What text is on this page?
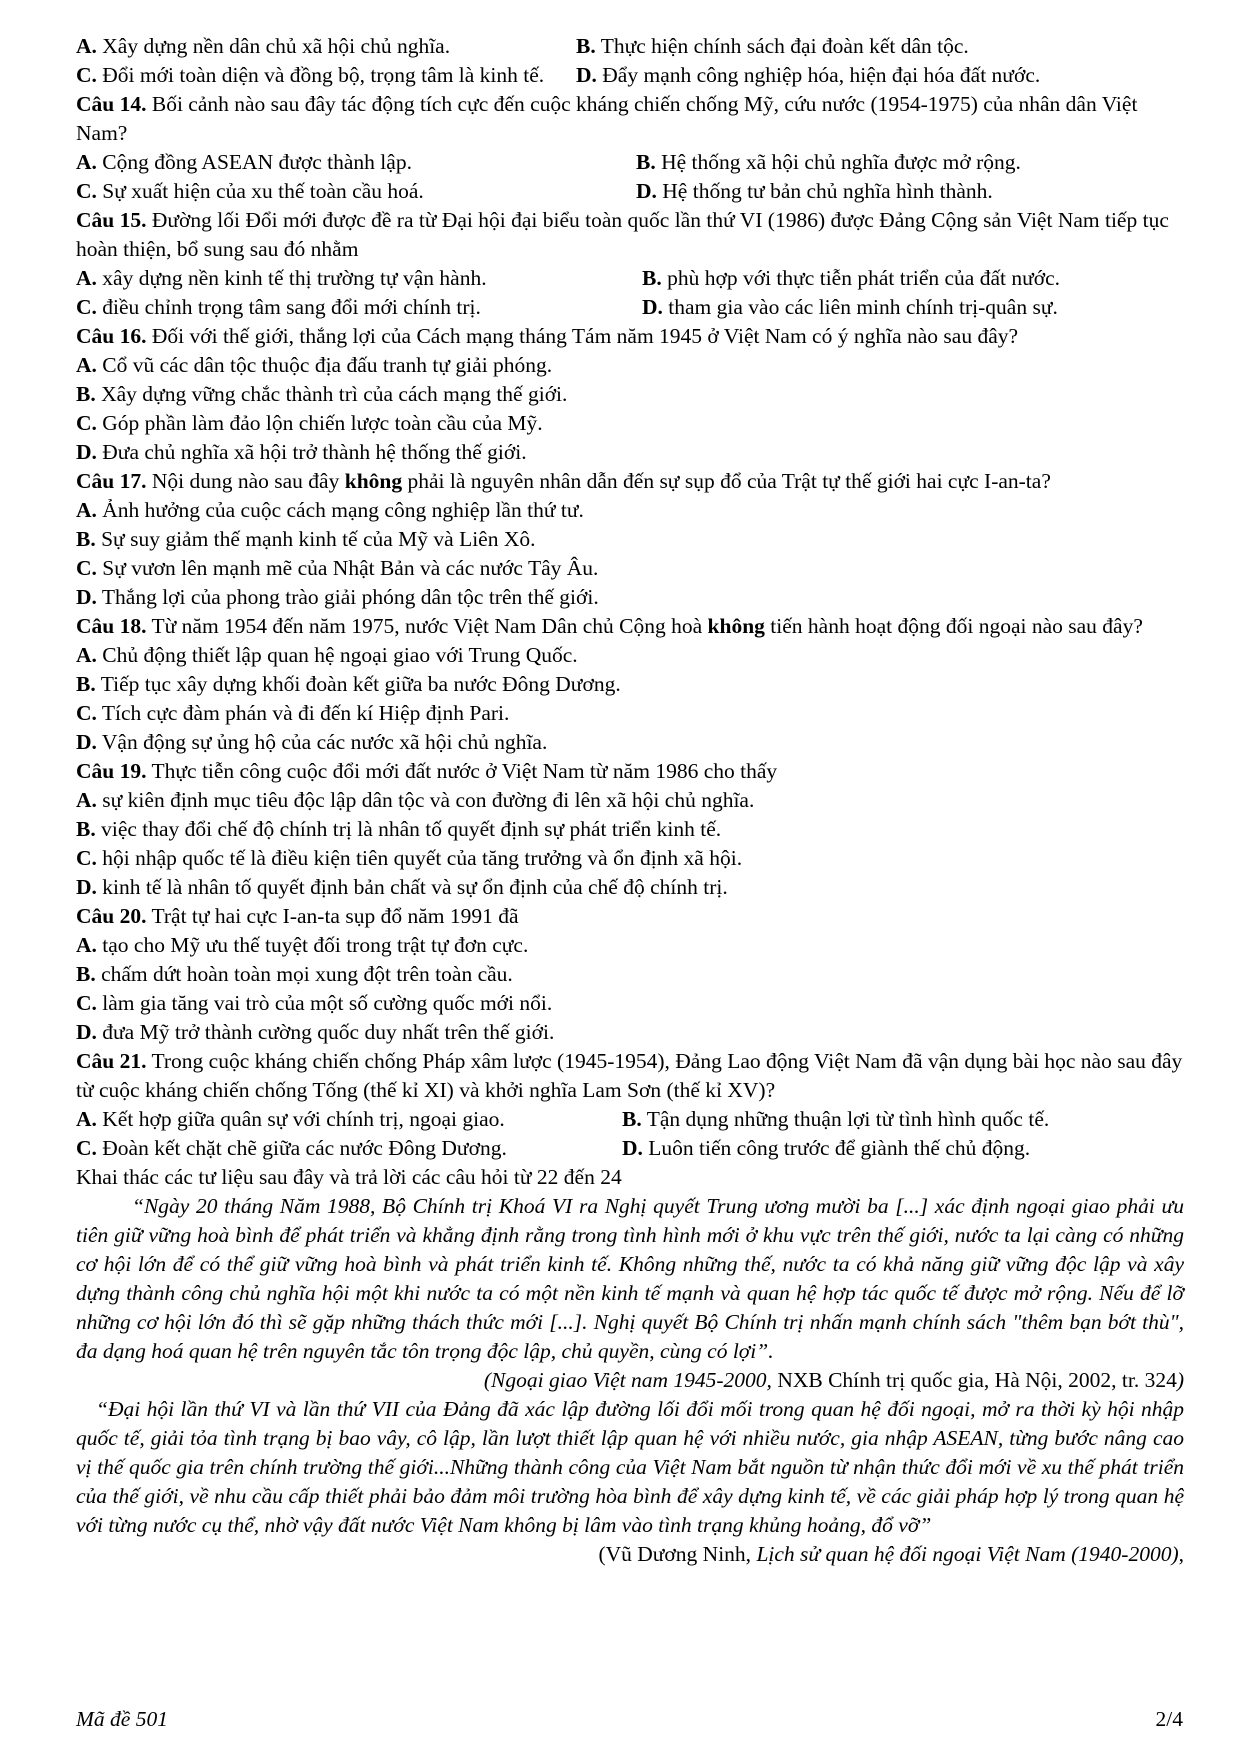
A. Xây dựng nền dân chủ xã hội chủ nghĩa.	B. Thực hiện chính sách đại đoàn kết dân tộc.
C. Đổi mới toàn diện và đồng bộ, trọng tâm là kinh tế.	D. Đẩy mạnh công nghiệp hóa, hiện đại hóa đất nước.
Câu 14. Bối cảnh nào sau đây tác động tích cực đến cuộc kháng chiến chống Mỹ, cứu nước (1954-1975) của nhân dân Việt Nam?
A. Cộng đồng ASEAN được thành lập.	B. Hệ thống xã hội chủ nghĩa được mở rộng.
C. Sự xuất hiện của xu thế toàn cầu hoá.	D. Hệ thống tư bản chủ nghĩa hình thành.
Câu 15. Đường lối Đổi mới được đề ra từ Đại hội đại biểu toàn quốc lần thứ VI (1986) được Đảng Cộng sản Việt Nam tiếp tục hoàn thiện, bổ sung sau đó nhằm
A. xây dựng nền kinh tế thị trường tự vận hành.	B. phù hợp với thực tiễn phát triển của đất nước.
C. điều chỉnh trọng tâm sang đổi mới chính trị.	D. tham gia vào các liên minh chính trị-quân sự.
Câu 16. Đối với thế giới, thắng lợi của Cách mạng tháng Tám năm 1945 ở Việt Nam có ý nghĩa nào sau đây?
A. Cổ vũ các dân tộc thuộc địa đấu tranh tự giải phóng.
B. Xây dựng vững chắc thành trì của cách mạng thế giới.
C. Góp phần làm đảo lộn chiến lược toàn cầu của Mỹ.
D. Đưa chủ nghĩa xã hội trở thành hệ thống thế giới.
Câu 17. Nội dung nào sau đây không phải là nguyên nhân dẫn đến sự sụp đổ của Trật tự thế giới hai cực I-an-ta?
A. Ảnh hưởng của cuộc cách mạng công nghiệp lần thứ tư.
B. Sự suy giảm thế mạnh kinh tế của Mỹ và Liên Xô.
C. Sự vươn lên mạnh mẽ của Nhật Bản và các nước Tây Âu.
D. Thắng lợi của phong trào giải phóng dân tộc trên thế giới.
Câu 18. Từ năm 1954 đến năm 1975, nước Việt Nam Dân chủ Cộng hoà không tiến hành hoạt động đối ngoại nào sau đây?
A. Chủ động thiết lập quan hệ ngoại giao với Trung Quốc.
B. Tiếp tục xây dựng khối đoàn kết giữa ba nước Đông Dương.
C. Tích cực đàm phán và đi đến kí Hiệp định Pari.
D. Vận động sự ủng hộ của các nước xã hội chủ nghĩa.
Câu 19. Thực tiễn công cuộc đổi mới đất nước ở Việt Nam từ năm 1986 cho thấy
A. sự kiên định mục tiêu độc lập dân tộc và con đường đi lên xã hội chủ nghĩa.
B. việc thay đổi chế độ chính trị là nhân tố quyết định sự phát triển kinh tế.
C. hội nhập quốc tế là điều kiện tiên quyết của tăng trưởng và ổn định xã hội.
D. kinh tế là nhân tố quyết định bản chất và sự ổn định của chế độ chính trị.
Câu 20. Trật tự hai cực I-an-ta sụp đổ năm 1991 đã
A. tạo cho Mỹ ưu thế tuyệt đối trong trật tự đơn cực.
B. chấm dứt hoàn toàn mọi xung đột trên toàn cầu.
C. làm gia tăng vai trò của một số cường quốc mới nổi.
D. đưa Mỹ trở thành cường quốc duy nhất trên thế giới.
Câu 21. Trong cuộc kháng chiến chống Pháp xâm lược (1945-1954), Đảng Lao động Việt Nam đã vận dụng bài học nào sau đây từ cuộc kháng chiến chống Tống (thế kỉ XI) và khởi nghĩa Lam Sơn (thế kỉ XV)?
A. Kết hợp giữa quân sự với chính trị, ngoại giao.	B. Tận dụng những thuận lợi từ tình hình quốc tế.
C. Đoàn kết chặt chẽ giữa các nước Đông Dương.	D. Luôn tiến công trước để giành thế chủ động.
Khai thác các tư liệu sau đây và trả lời các câu hỏi từ 22 đến 24
“Ngày 20 tháng Năm 1988, Bộ Chính trị Khoá VI ra Nghị quyết Trung ương mười ba [...] xác định ngoại giao phải ưu tiên giữ vững hoà bình để phát triển và khẳng định rằng trong tình hình mới ở khu vực trên thế giới, nước ta lại càng có những cơ hội lớn để có thể giữ vững hoà bình và phát triển kinh tế. Không những thế, nước ta có khả năng giữ vững độc lập và xây dựng thành công chủ nghĩa hội một khi nước ta có một nền kinh tế mạnh và quan hệ hợp tác quốc tế được mở rộng. Nếu để lỡ những cơ hội lớn đó thì sẽ gặp những thách thức mới [...]. Nghị quyết Bộ Chính trị nhấn mạnh chính sách "thêm bạn bớt thù", đa dạng hoá quan hệ trên nguyên tắc tôn trọng độc lập, chủ quyền, cùng có lợi”.
(Ngoại giao Việt nam 1945-2000, NXB Chính trị quốc gia, Hà Nội, 2002, tr. 324)
“Đại hội lần thứ VI và lần thứ VII của Đảng đã xác lập đường lối đổi mối trong quan hệ đối ngoại, mở ra thời kỳ hội nhập quốc tế, giải tỏa tình trạng bị bao vây, cô lập, lần lượt thiết lập quan hệ với nhiều nước, gia nhập ASEAN, từng bước nâng cao vị thế quốc gia trên chính trường thế giới...Những thành công của Việt Nam bắt nguồn từ nhận thức đổi mới về xu thế phát triển của thế giới, về nhu cầu cấp thiết phải bảo đảm môi trường hòa bình để xây dựng kinh tế, về các giải pháp hợp lý trong quan hệ với từng nước cụ thể, nhờ vậy đất nước Việt Nam không bị lâm vào tình trạng khủng hoảng, đổ vỡ”
(Vũ Dương Ninh, Lịch sử quan hệ đối ngoại Việt Nam (1940-2000),
Mã đề 501	2/4
